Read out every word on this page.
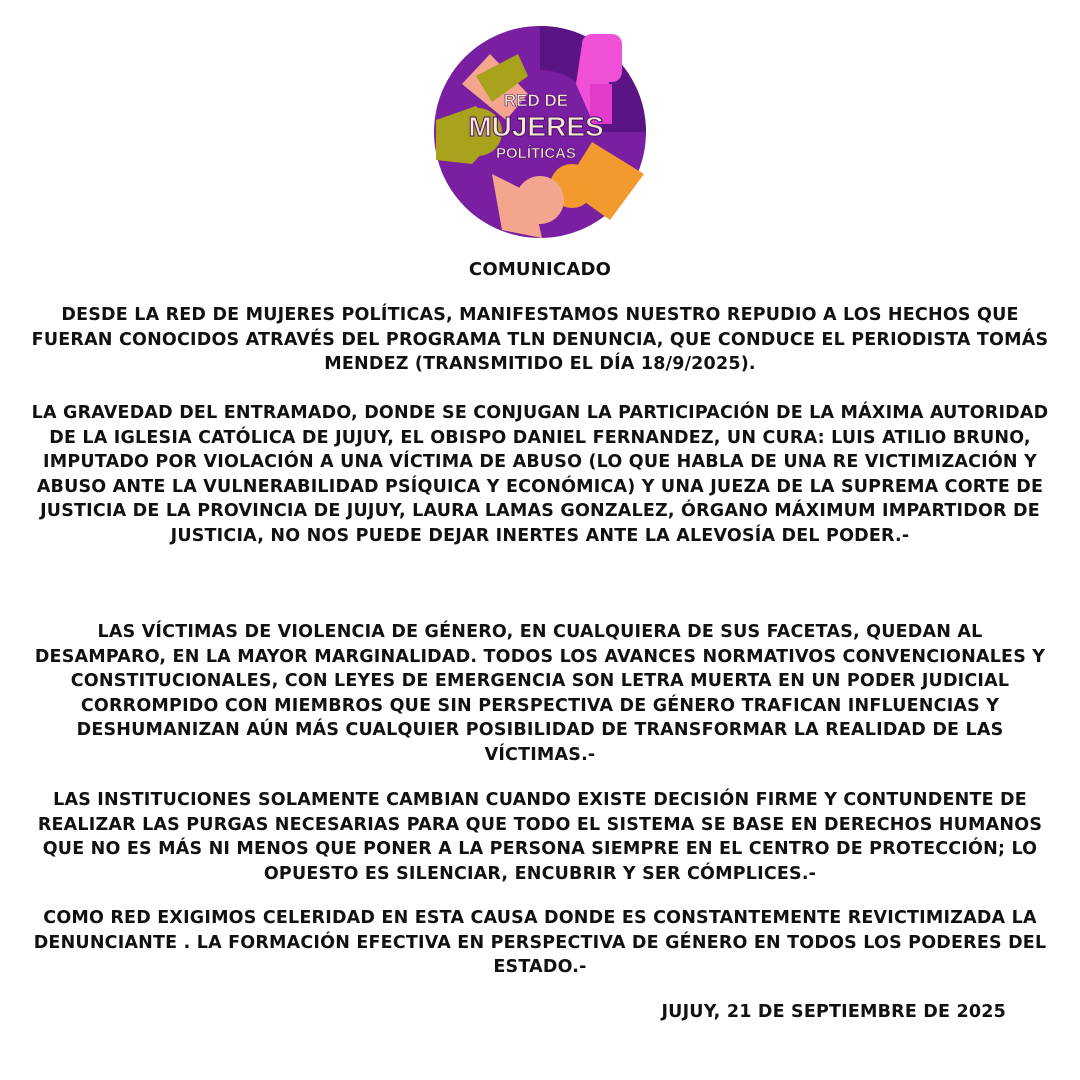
RED DE
MUJERES
POLÍTICAS

COMUNICADO

DESDE LA RED DE MUJERES POLÍTICAS, MANIFESTAMOS NUESTRO REPUDIO A LOS HECHOS QUE FUERAN CONOCIDOS ATRAVÉS DEL PROGRAMA TLN DENUNCIA, QUE CONDUCE EL PERIODISTA TOMÁS MENDEZ (TRANSMITIDO EL DÍA 18/9/2025).

LA GRAVEDAD DEL ENTRAMADO, DONDE SE CONJUGAN LA PARTICIPACIÓN DE LA MÁXIMA AUTORIDAD DE LA IGLESIA CATÓLICA DE JUJUY, EL OBISPO DANIEL FERNANDEZ, UN CURA: LUIS ATILIO BRUNO, IMPUTADO POR VIOLACIÓN A UNA VÍCTIMA DE ABUSO (LO QUE HABLA DE UNA RE VICTIMIZACIÓN Y ABUSO ANTE LA VULNERABILIDAD PSÍQUICA Y ECONÓMICA) Y UNA JUEZA DE LA SUPREMA CORTE DE JUSTICIA DE LA PROVINCIA DE JUJUY, LAURA LAMAS GONZALEZ, ÓRGANO MÁXIMUM IMPARTIDOR DE JUSTICIA, NO NOS PUEDE DEJAR INERTES ANTE LA ALEVOSÍA DEL PODER.-

LAS VÍCTIMAS DE VIOLENCIA DE GÉNERO, EN CUALQUIERA DE SUS FACETAS, QUEDAN AL DESAMPARO, EN LA MAYOR MARGINALIDAD. TODOS LOS AVANCES NORMATIVOS CONVENCIONALES Y CONSTITUCIONALES, CON LEYES DE EMERGENCIA SON LETRA MUERTA EN UN PODER JUDICIAL CORROMPIDO CON MIEMBROS QUE SIN PERSPECTIVA DE GÉNERO TRAFICAN INFLUENCIAS Y DESHUMANIZAN AÚN MÁS CUALQUIER POSIBILIDAD DE TRANSFORMAR LA REALIDAD DE LAS VÍCTIMAS.-

LAS INSTITUCIONES SOLAMENTE CAMBIAN CUANDO EXISTE DECISIÓN FIRME Y CONTUNDENTE DE REALIZAR LAS PURGAS NECESARIAS PARA QUE TODO EL SISTEMA SE BASE EN DERECHOS HUMANOS QUE NO ES MÁS NI MENOS QUE PONER A LA PERSONA SIEMPRE EN EL CENTRO DE PROTECCIÓN; LO OPUESTO ES SILENCIAR, ENCUBRIR Y SER CÓMPLICES.-

COMO RED EXIGIMOS CELERIDAD EN ESTA CAUSA DONDE ES CONSTANTEMENTE REVICTIMIZADA LA DENUNCIANTE . LA FORMACIÓN EFECTIVA EN PERSPECTIVA DE GÉNERO EN TODOS LOS PODERES DEL ESTADO.-

JUJUY, 21 DE SEPTIEMBRE DE 2025
